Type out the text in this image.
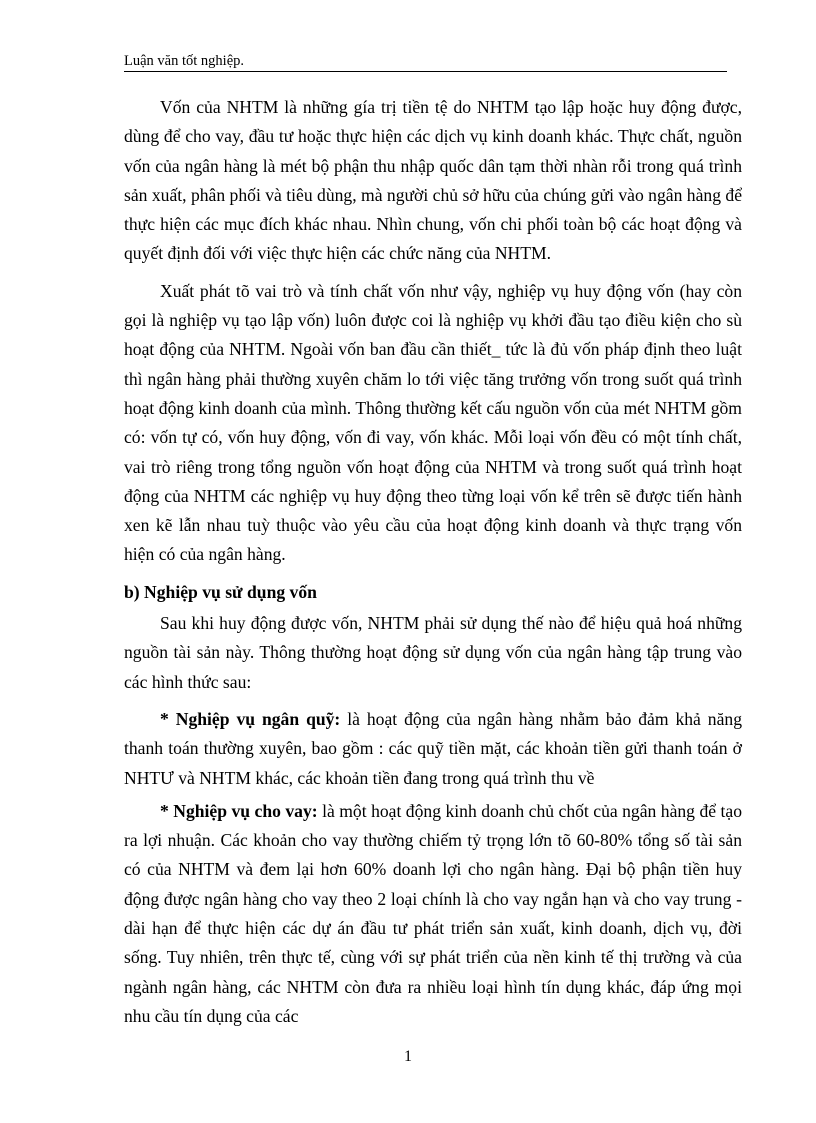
Luận văn tốt nghiệp.

Vốn của NHTM là những gía trị tiền tệ do NHTM tạo lập hoặc huy động được, dùng để cho vay, đầu tư hoặc thực hiện các dịch vụ kinh doanh khác. Thực chất, nguồn vốn của ngân hàng là mét bộ phận thu nhập quốc dân tạm thời nhàn rỗi trong quá trình sản xuất, phân phối và tiêu dùng, mà người chủ sở hữu của chúng gửi vào ngân hàng để thực hiện các mục đích khác nhau. Nhìn chung, vốn chi phối toàn bộ các hoạt động và quyết định đối với việc thực hiện các chức năng của NHTM.

Xuất phát tõ vai trò và tính chất vốn như vậy, nghiệp vụ huy động vốn (hay còn gọi là nghiệp vụ tạo lập vốn) luôn được coi là nghiệp vụ khởi đầu tạo điều kiện cho sù hoạt động của NHTM. Ngoài vốn ban đầu cần thiết_ tức là đủ vốn pháp định theo luật thì ngân hàng phải thường xuyên chăm lo tới việc tăng trưởng vốn trong suốt quá trình hoạt động kinh doanh của mình. Thông thường kết cấu nguồn vốn của mét NHTM gồm có: vốn tự có, vốn huy động, vốn đi vay, vốn khác. Mỗi loại vốn đều có một tính chất, vai trò riêng trong tổng nguồn vốn hoạt động của NHTM và trong suốt quá trình hoạt động của NHTM các nghiệp vụ huy động theo từng loại vốn kể trên sẽ được tiến hành xen kẽ lẫn nhau tuỳ thuộc vào yêu cầu của hoạt động kinh doanh và thực trạng vốn hiện có của ngân hàng.

b) Nghiệp vụ sử dụng vốn

Sau khi huy động được vốn, NHTM phải sử dụng thế nào để hiệu quả hoá những nguồn tài sản này. Thông thường hoạt động sử dụng vốn của ngân hàng tập trung vào các hình thức sau:

* Nghiệp vụ ngân quỹ: là hoạt động của ngân hàng nhằm bảo đảm khả năng thanh toán thường xuyên, bao gồm : các quỹ tiền mặt, các khoản tiền gửi thanh toán ở NHTƯ và NHTM khác, các khoản tiền đang trong quá trình thu về

* Nghiệp vụ cho vay: là một hoạt động kinh doanh chủ chốt của ngân hàng để tạo ra lợi nhuận. Các khoản cho vay thường chiếm tỷ trọng lớn tõ 60-80% tổng số tài sản có của NHTM và đem lại hơn 60% doanh lợi cho ngân hàng. Đại bộ phận tiền huy động được ngân hàng cho vay theo 2 loại chính là cho vay ngắn hạn và cho vay trung - dài hạn để thực hiện các dự án đầu tư phát triển sản xuất, kinh doanh, dịch vụ, đời sống. Tuy nhiên, trên thực tế, cùng với sự phát triển của nền kinh tế thị trường và của ngành ngân hàng, các NHTM còn đưa ra nhiều loại hình tín dụng khác, đáp ứng mọi nhu cầu tín dụng của các

1
